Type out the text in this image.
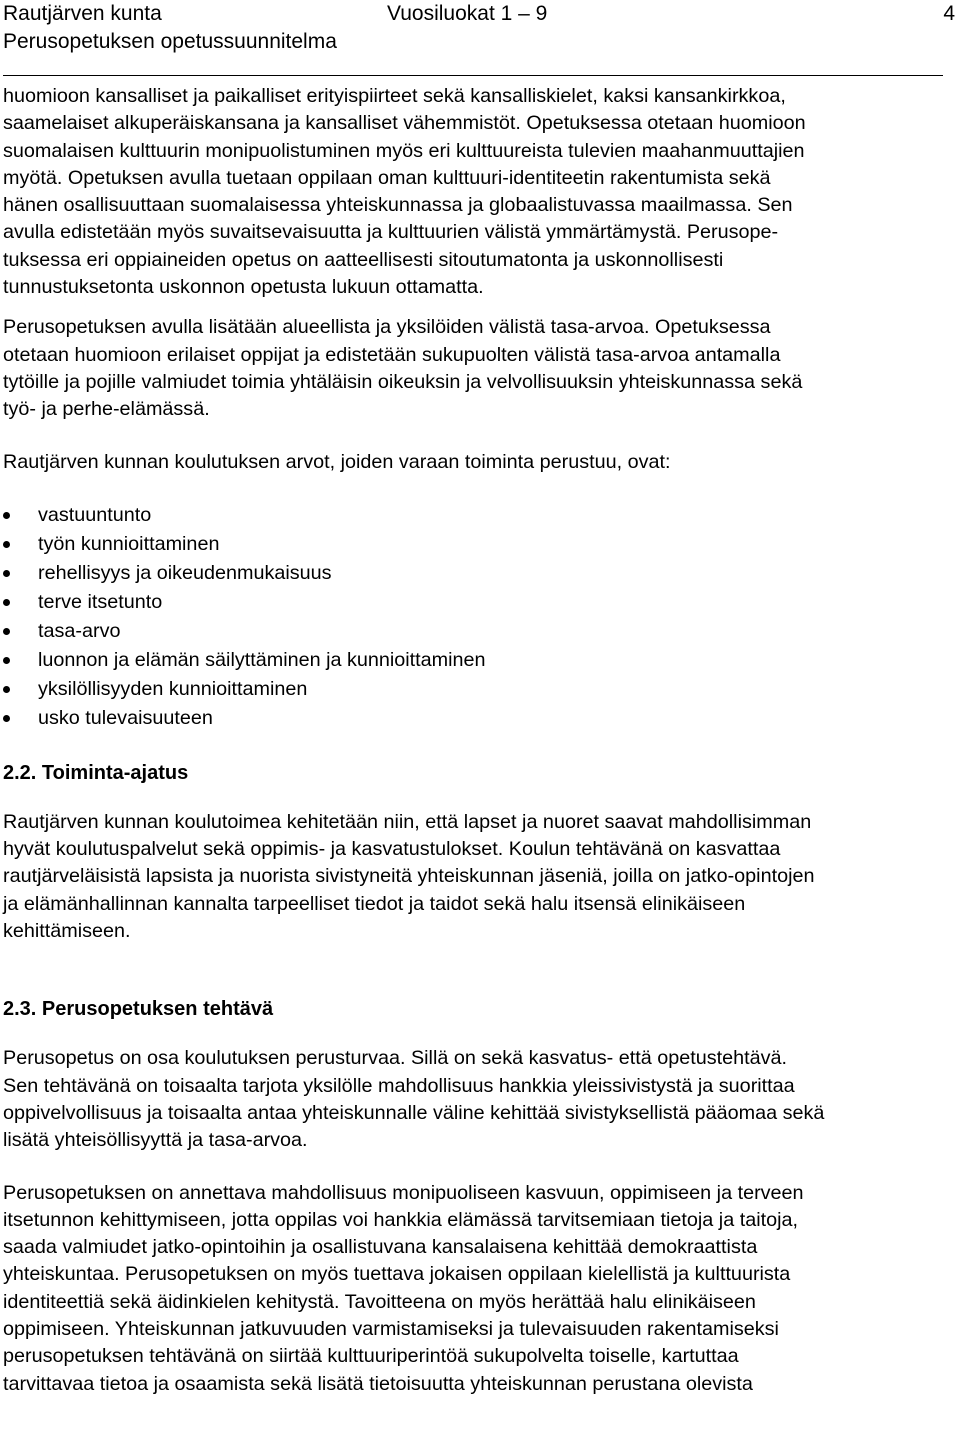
Rautjärven kunta
Perusopetuksen opetussuunnitelma
Vuosiluokat 1 – 9	4

huomioon kansalliset ja paikalliset erityispiirteet sekä kansalliskielet, kaksi kansankirkkoa,
saamelaiset alkuperäiskansana ja kansalliset vähemmistöt. Opetuksessa otetaan huomioon
suomalaisen kulttuurin monipuolistuminen myös eri kulttuureista tulevien maahanmuuttajien
myötä. Opetuksen avulla tuetaan oppilaan oman kulttuuri-identiteetin rakentumista sekä
hänen osallisuuttaan suomalaisessa yhteiskunnassa ja globaalistuvassa maailmassa. Sen
avulla edistetään myös suvaitsevaisuutta ja kulttuurien välistä ymmärtämystä. Perusope-
tuksessa eri oppiaineiden opetus on aatteellisesti sitoutumatonta ja uskonnollisesti
tunnustuksetonta uskonnon opetusta lukuun ottamatta.

Perusopetuksen avulla lisätään alueellista ja yksilöiden välistä tasa-arvoa. Opetuksessa
otetaan huomioon erilaiset oppijat ja edistetään sukupuolten välistä tasa-arvoa antamalla
tytöille ja pojille valmiudet toimia yhtäläisin oikeuksin ja velvollisuuksin yhteiskunnassa sekä
työ- ja perhe-elämässä.

Rautjärven kunnan koulutuksen arvot, joiden varaan toiminta perustuu, ovat:

vastuuntunto
työn kunnioittaminen
rehellisyys ja oikeudenmukaisuus
terve itsetunto
tasa-arvo
luonnon ja elämän säilyttäminen ja kunnioittaminen
yksilöllisyyden kunnioittaminen
usko tulevaisuuteen
2.2. Toiminta-ajatus

Rautjärven kunnan koulutoimea kehitetään niin, että lapset ja nuoret saavat mahdollisimman
hyvät koulutuspalvelut sekä oppimis- ja kasvatustulokset. Koulun tehtävänä on kasvattaa
rautjärveläisistä lapsista ja nuorista sivistyneitä yhteiskunnan jäseniä, joilla on jatko-opintojen
ja elämänhallinnan kannalta tarpeelliset tiedot ja taidot sekä halu itsensä elinikäiseen
kehittämiseen.

2.3. Perusopetuksen tehtävä

Perusopetus on osa koulutuksen perusturvaa. Sillä on sekä kasvatus- että opetustehtävä.
Sen tehtävänä on toisaalta tarjota yksilölle mahdollisuus hankkia yleissivistystä ja suorittaa
oppivelvollisuus ja toisaalta antaa yhteiskunnalle väline kehittää sivistyksellistä pääomaa sekä
lisätä yhteisöllisyyttä ja tasa-arvoa.

Perusopetuksen on annettava mahdollisuus monipuoliseen kasvuun, oppimiseen ja terveen
itsetunnon kehittymiseen, jotta oppilas voi hankkia elämässä tarvitsemiaan tietoja ja taitoja,
saada valmiudet jatko-opintoihin ja osallistuvana kansalaisena kehittää demokraattista
yhteiskuntaa. Perusopetuksen on myös tuettava jokaisen oppilaan kielellistä ja kulttuurista
identiteettiä sekä äidinkielen kehitystä. Tavoitteena on myös herättää halu elinikäiseen
oppimiseen. Yhteiskunnan jatkuvuuden varmistamiseksi ja tulevaisuuden rakentamiseksi
perusopetuksen tehtävänä on siirtää kulttuuriperintöä sukupolvelta toiselle, kartuttaa
tarvittavaa tietoa ja osaamista sekä lisätä tietoisuutta yhteiskunnan perustana olevista
